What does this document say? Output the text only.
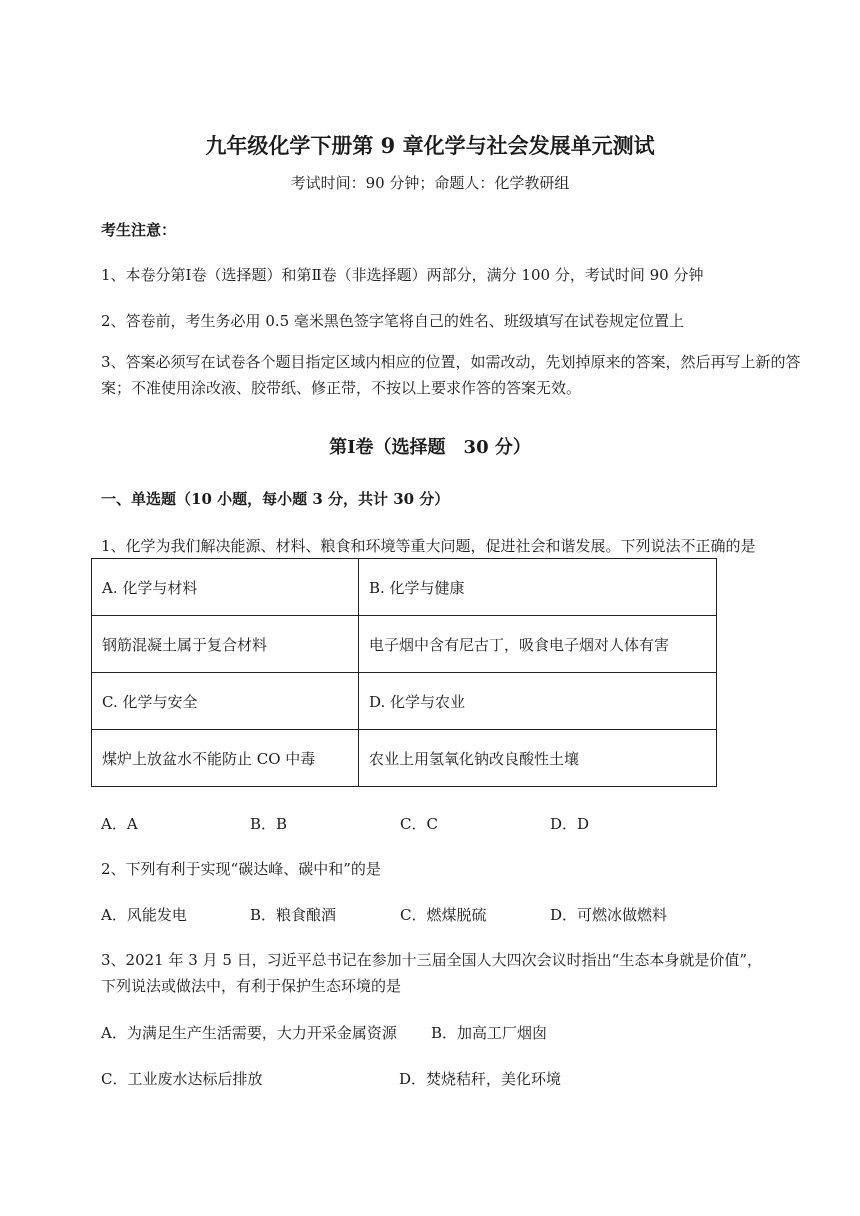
九年级化学下册第 9 章化学与社会发展单元测试
考试时间：90 分钟；命题人：化学教研组
考生注意：
1、本卷分第Ⅰ卷（选择题）和第Ⅱ卷（非选择题）两部分，满分 100 分，考试时间 90 分钟
2、答卷前，考生务必用 0.5 毫米黑色签字笔将自己的姓名、班级填写在试卷规定位置上
3、答案必须写在试卷各个题目指定区域内相应的位置，如需改动，先划掉原来的答案，然后再写上新的答案；不准使用涂改液、胶带纸、修正带，不按以上要求作答的答案无效。
第Ⅰ卷（选择题　30 分）
一、单选题（10 小题，每小题 3 分，共计 30 分）
1、化学为我们解决能源、材料、粮食和环境等重大问题，促进社会和谐发展。下列说法不正确的是
A. 化学与材料	B. 化学与健康
钢筋混凝土属于复合材料	电子烟中含有尼古丁，吸食电子烟对人体有害
C. 化学与安全	D. 化学与农业
煤炉上放盆水不能防止 CO 中毒	农业上用氢氧化钠改良酸性土壤
A．A	B．B	C．C	D．D
2、下列有利于实现“碳达峰、碳中和”的是
A．风能发电	B．粮食酿酒	C．燃煤脱硫	D．可燃冰做燃料
3、2021 年 3 月 5 日，习近平总书记在参加十三届全国人大四次会议时指出“生态本身就是价值”，
下列说法或做法中，有利于保护生态环境的是
A．为满足生产生活需要，大力开采金属资源 B．加高工厂烟囱
C．工业废水达标后排放	D．焚烧秸秆，美化环境
